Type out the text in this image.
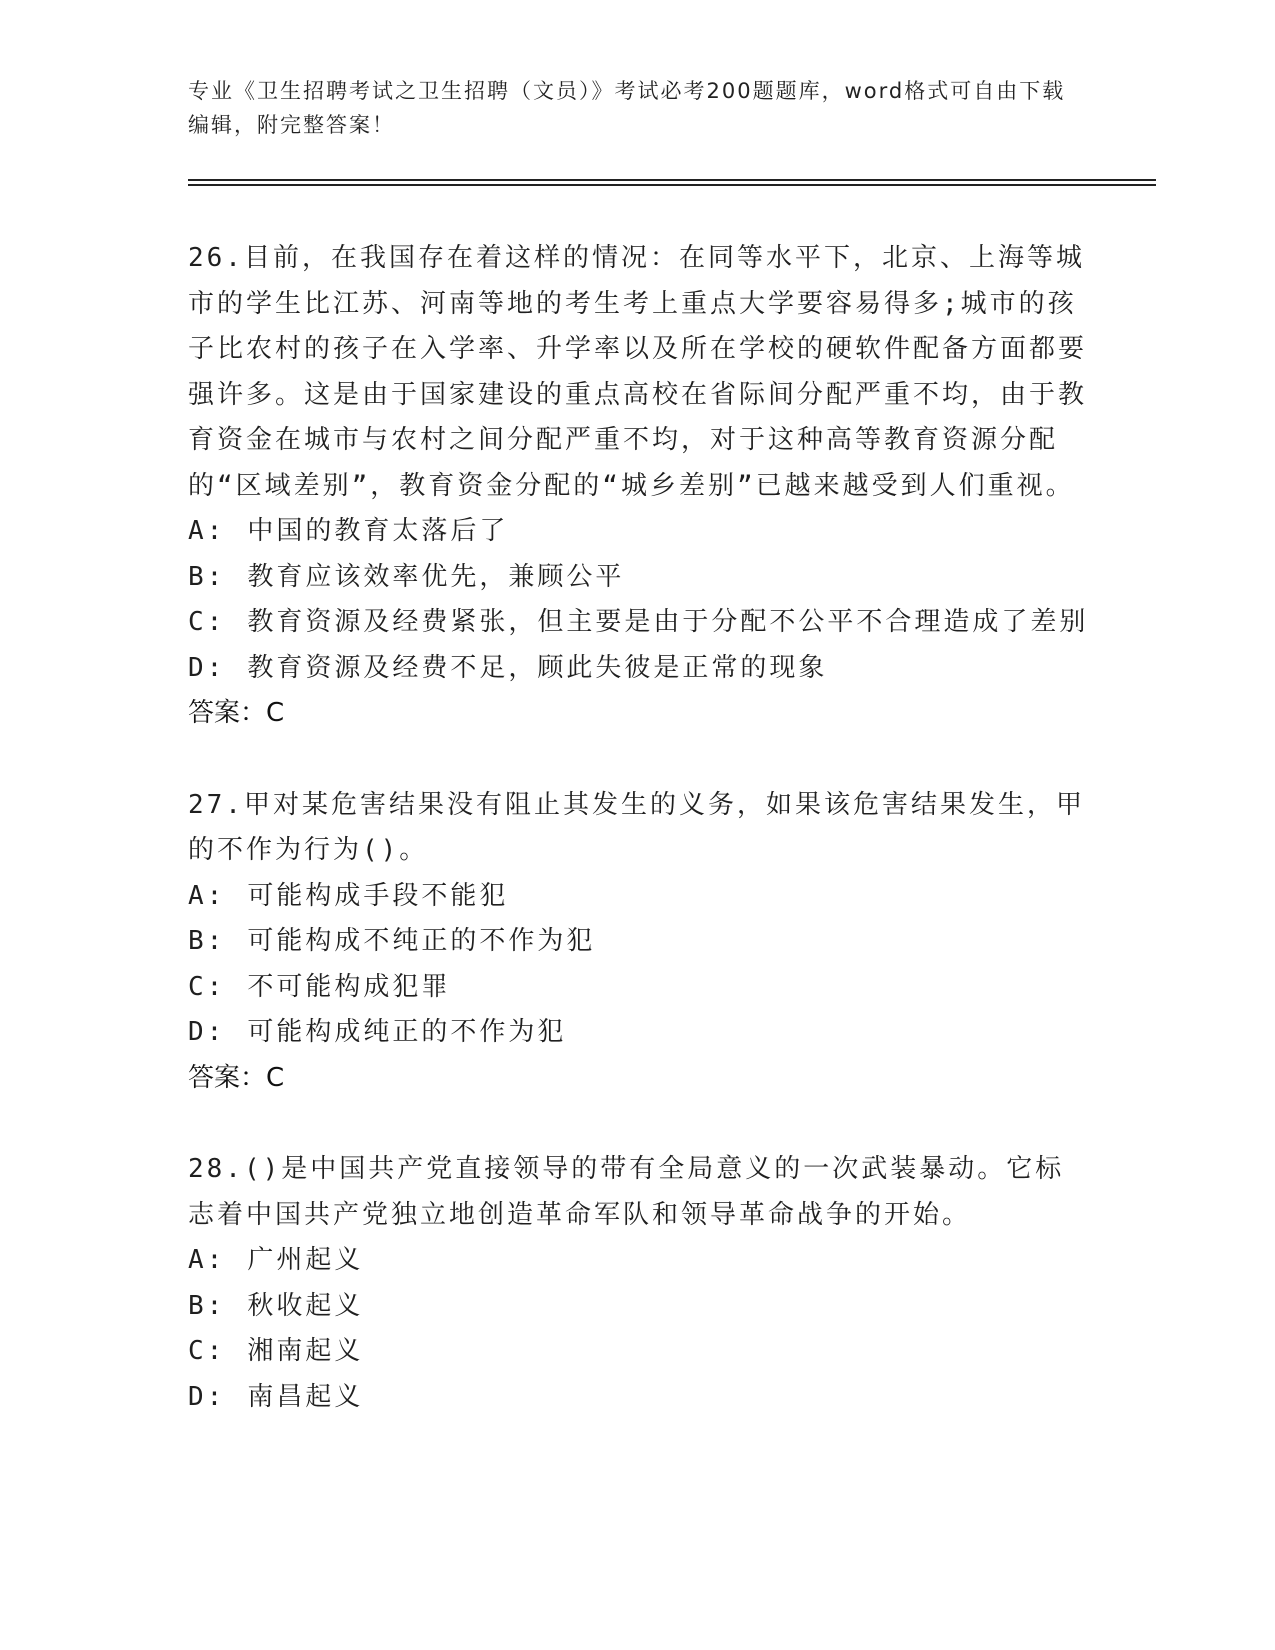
专业《卫生招聘考试之卫生招聘（文员）》考试必考200题题库，word格式可自由下载编辑，附完整答案！

26.目前，在我国存在着这样的情况：在同等水平下，北京、上海等城市的学生比江苏、河南等地的考生考上重点大学要容易得多;城市的孩子比农村的孩子在入学率、升学率以及所在学校的硬软件配备方面都要强许多。这是由于国家建设的重点高校在省际间分配严重不均，由于教育资金在城市与农村之间分配严重不均，对于这种高等教育资源分配的“区域差别”，教育资金分配的“城乡差别”已越来越受到人们重视。

A: 中国的教育太落后了

B: 教育应该效率优先，兼顾公平

C: 教育资源及经费紧张，但主要是由于分配不公平不合理造成了差别

D: 教育资源及经费不足，顾此失彼是正常的现象

答案：C

27.甲对某危害结果没有阻止其发生的义务，如果该危害结果发生，甲的不作为行为()。

A: 可能构成手段不能犯

B: 可能构成不纯正的不作为犯

C: 不可能构成犯罪

D: 可能构成纯正的不作为犯

答案：C

28.()是中国共产党直接领导的带有全局意义的一次武装暴动。它标志着中国共产党独立地创造革命军队和领导革命战争的开始。

A: 广州起义

B: 秋收起义

C: 湘南起义

D: 南昌起义
